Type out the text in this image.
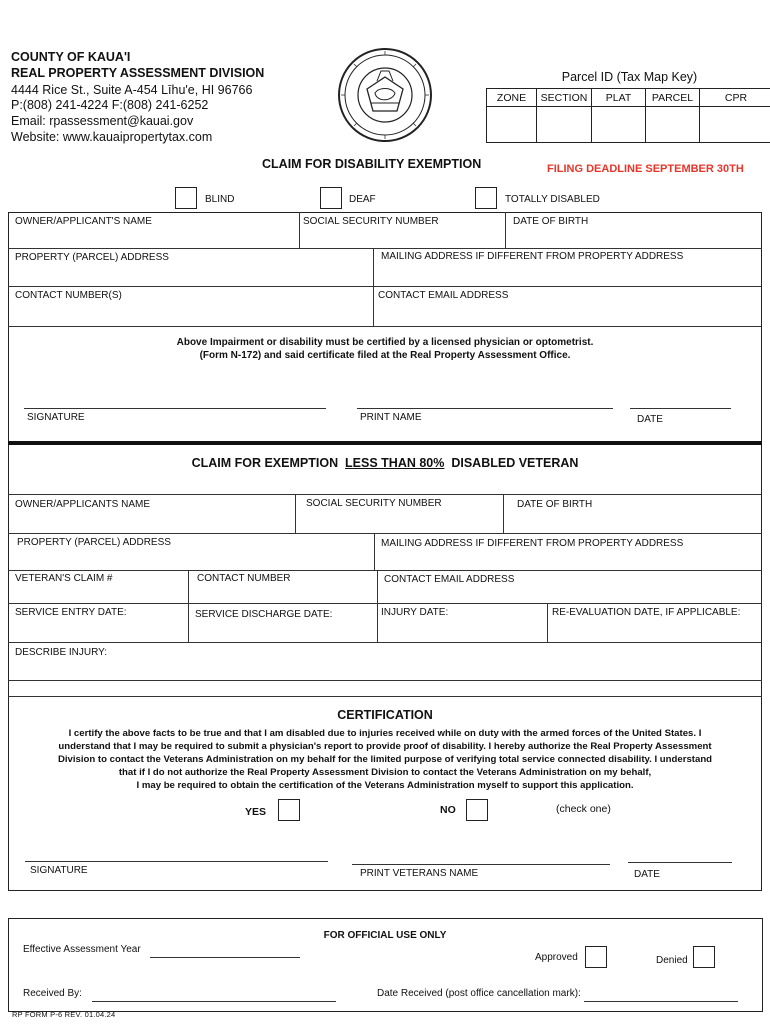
COUNTY OF KAUA'I
REAL PROPERTY ASSESSMENT DIVISION
4444 Rice St., Suite A-454 Līhu'e, HI 96766
P:(808) 241-4224 F:(808) 241-6252
Email: rpassessment@kauai.gov
Website: www.kauaipropertytax.com
Parcel ID (Tax Map Key)
ZONE	SECTION	PLAT	PARCEL	CPR

CLAIM FOR DISABILITY EXEMPTION	FILING DEADLINE SEPTEMBER 30TH
BLIND	DEAF	TOTALLY DISABLED
OWNER/APPLICANT'S NAME	SOCIAL SECURITY NUMBER	DATE OF BIRTH
PROPERTY (PARCEL) ADDRESS	MAILING ADDRESS IF DIFFERENT FROM PROPERTY ADDRESS
CONTACT NUMBER(S)	CONTACT EMAIL ADDRESS
Above Impairment or disability must be certified by a licensed physician or optometrist.
(Form N-172) and said certificate filed at the Real Property Assessment Office.
SIGNATURE	PRINT NAME	DATE
CLAIM FOR EXEMPTION LESS THAN 80% DISABLED VETERAN
OWNER/APPLICANTS NAME	SOCIAL SECURITY NUMBER	DATE OF BIRTH
PROPERTY (PARCEL) ADDRESS	MAILING ADDRESS IF DIFFERENT FROM PROPERTY ADDRESS
VETERAN'S CLAIM #	CONTACT NUMBER	CONTACT EMAIL ADDRESS
SERVICE ENTRY DATE:	SERVICE DISCHARGE DATE:	INJURY DATE:	RE-EVALUATION DATE, IF APPLICABLE:
DESCRIBE INJURY:
CERTIFICATION
I certify the above facts to be true and that I am disabled due to injuries received while on duty with the armed forces of the United States. I
understand that I may be required to submit a physician's report to provide proof of disability. I hereby authorize the Real Property Assessment
Division to contact the Veterans Administration on my behalf for the limited purpose of verifying total service connected disability. I understand
that if I do not authorize the Real Property Assessment Division to contact the Veterans Administration on my behalf,
I may be required to obtain the certification of the Veterans Administration myself to support this application.
YES	NO	(check one)
SIGNATURE	PRINT VETERANS NAME	DATE
FOR OFFICIAL USE ONLY
Effective Assessment Year
Approved	Denied
Received By:	Date Received (post office cancellation mark):
RP FORM P-6 REV. 01.04.24
